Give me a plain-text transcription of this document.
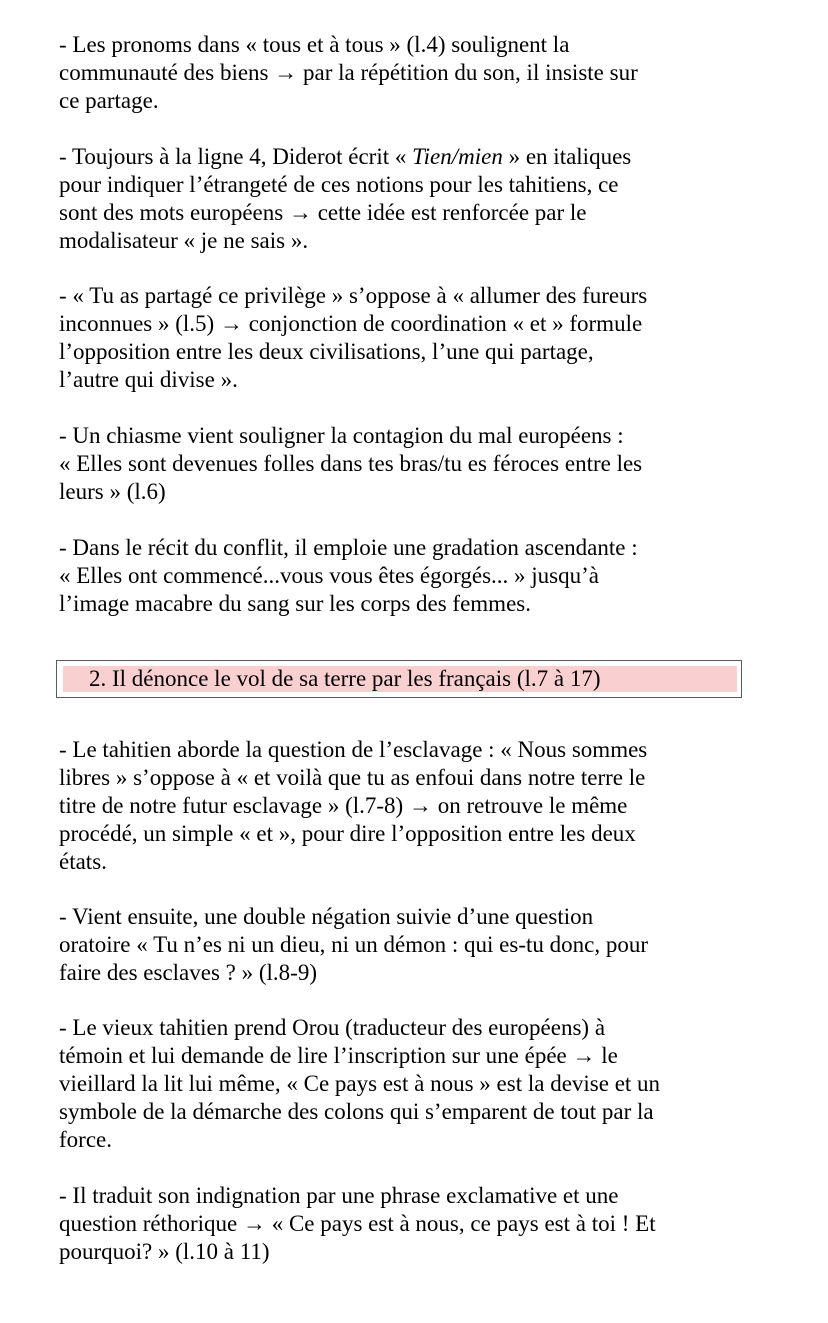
- Les pronoms dans « tous et à tous » (l.4) soulignent la
communauté des biens → par la répétition du son, il insiste sur
ce partage.

- Toujours à la ligne 4, Diderot écrit « Tien/mien » en italiques
pour indiquer l’étrangeté de ces notions pour les tahitiens, ce
sont des mots européens → cette idée est renforcée par le
modalisateur « je ne sais ».

- « Tu as partagé ce privilège » s’oppose à « allumer des fureurs
inconnues » (l.5) → conjonction de coordination « et » formule
l’opposition entre les deux civilisations, l’une qui partage,
l’autre qui divise ».

- Un chiasme vient souligner la contagion du mal européens :
« Elles sont devenues folles dans tes bras/tu es féroces entre les
leurs » (l.6)

- Dans le récit du conflit, il emploie une gradation ascendante :
« Elles ont commencé...vous vous êtes égorgés... » jusqu’à
l’image macabre du sang sur les corps des femmes.

2. Il dénonce le vol de sa terre par les français (l.7 à 17)

- Le tahitien aborde la question de l’esclavage : « Nous sommes
libres » s’oppose à « et voilà que tu as enfoui dans notre terre le
titre de notre futur esclavage » (l.7-8) → on retrouve le même
procédé, un simple « et », pour dire l’opposition entre les deux
états.

- Vient ensuite, une double négation suivie d’une question
oratoire « Tu n’es ni un dieu, ni un démon : qui es-tu donc, pour
faire des esclaves ? » (l.8-9)

- Le vieux tahitien prend Orou (traducteur des européens) à
témoin et lui demande de lire l’inscription sur une épée → le
vieillard la lit lui même, « Ce pays est à nous » est la devise et un
symbole de la démarche des colons qui s’emparent de tout par la
force.

- Il traduit son indignation par une phrase exclamative et une
question réthorique → « Ce pays est à nous, ce pays est à toi ! Et
pourquoi? » (l.10 à 11)
